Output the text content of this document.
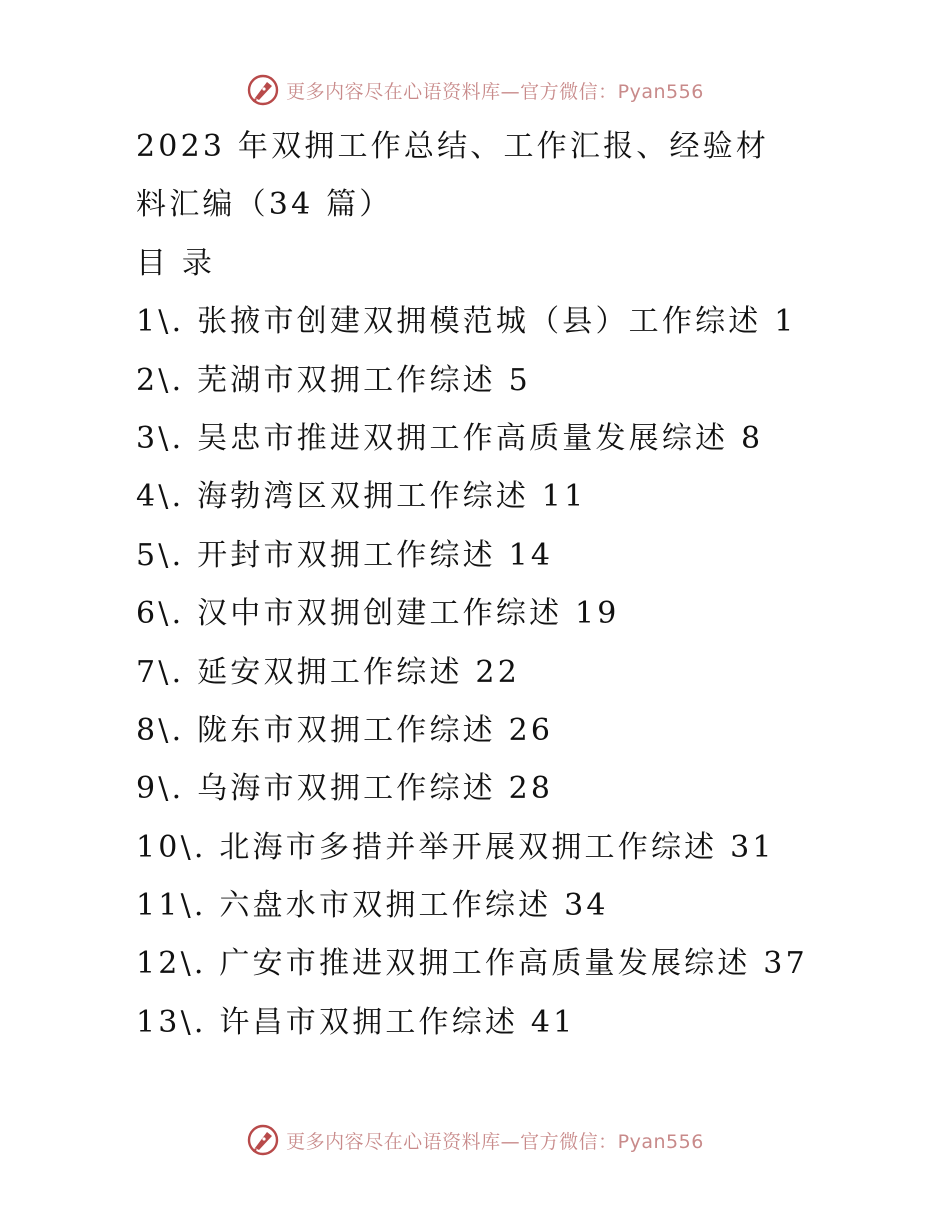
更多内容尽在心语资料库—官方微信：Pyan556
2023 年双拥工作总结、工作汇报、经验材
料汇编（34 篇）
目 录
1\. 张掖市创建双拥模范城（县）工作综述 1
2\. 芜湖市双拥工作综述 5
3\. 吴忠市推进双拥工作高质量发展综述 8
4\. 海勃湾区双拥工作综述 11
5\. 开封市双拥工作综述 14
6\. 汉中市双拥创建工作综述 19
7\. 延安双拥工作综述 22
8\. 陇东市双拥工作综述 26
9\. 乌海市双拥工作综述 28
10\. 北海市多措并举开展双拥工作综述 31
11\. 六盘水市双拥工作综述 34
12\. 广安市推进双拥工作高质量发展综述 37
13\. 许昌市双拥工作综述 41
更多内容尽在心语资料库—官方微信：Pyan556
